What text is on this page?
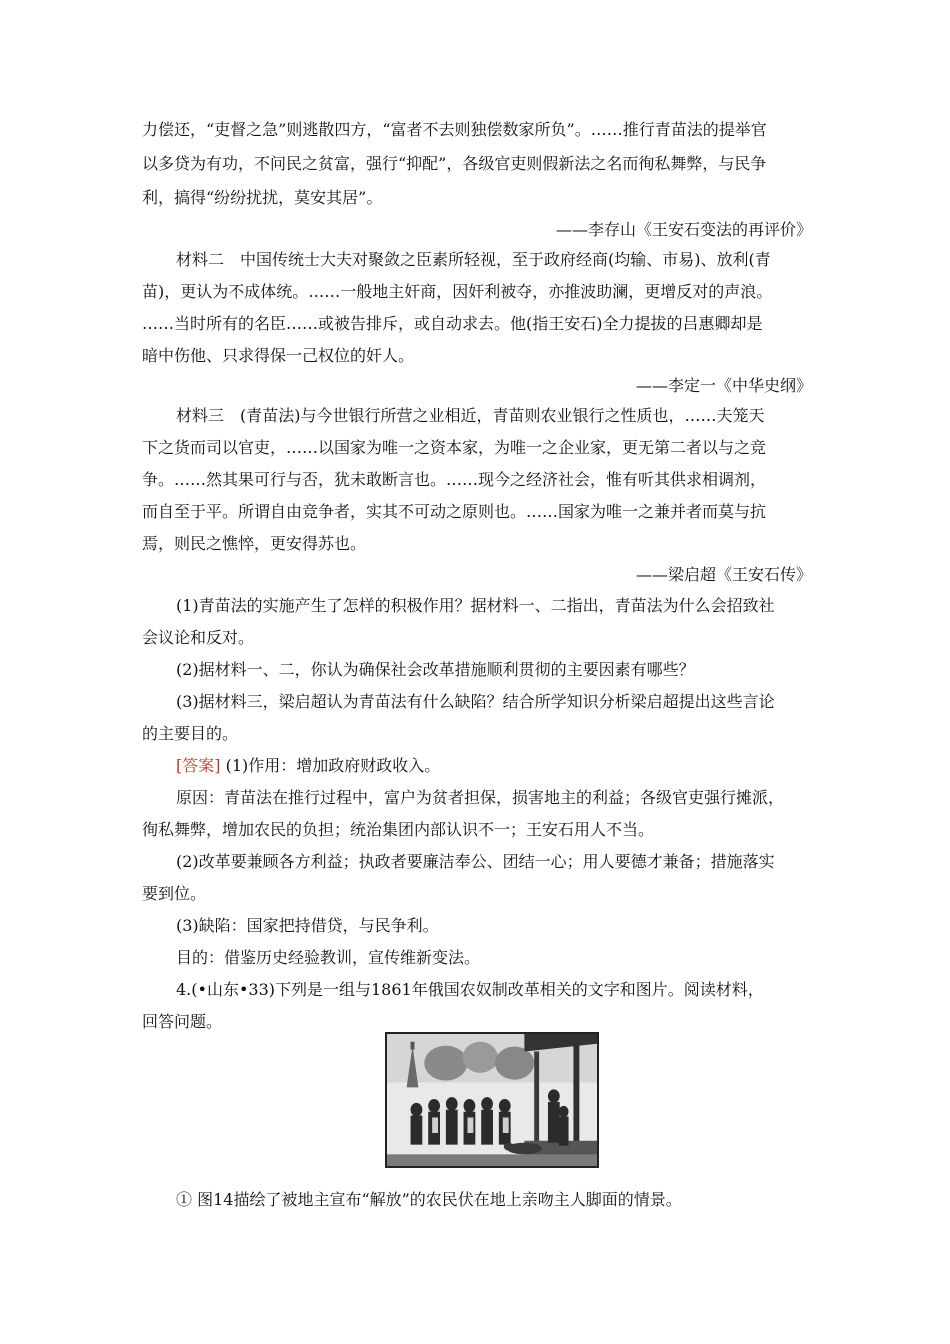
力偿还，“吏督之急”则逃散四方，“富者不去则独偿数家所负”。……推行青苗法的提举官
以多贷为有功，不问民之贫富，强行“抑配”，各级官吏则假新法之名而徇私舞弊，与民争
利，搞得“纷纷扰扰，莫安其居”。
——李存山《王安石变法的再评价》
材料二　中国传统士大夫对聚敛之臣素所轻视，至于政府经商(均输、市易)、放利(青
苗)，更认为不成体统。……一般地主奸商，因奸利被夺，亦推波助澜，更增反对的声浪。
……当时所有的名臣……或被告排斥，或自动求去。他(指王安石)全力提拔的吕惠卿却是
暗中伤他、只求得保一己权位的奸人。
——李定一《中华史纲》
材料三　(青苗法)与今世银行所营之业相近，青苗则农业银行之性质也，……夫笼天
下之货而司以官吏，……以国家为唯一之资本家，为唯一之企业家，更无第二者以与之竞
争。……然其果可行与否，犹未敢断言也。……现今之经济社会，惟有听其供求相调剂，
而自至于平。所谓自由竞争者，实其不可动之原则也。……国家为唯一之兼并者而莫与抗
焉，则民之憔悴，更安得苏也。
——梁启超《王安石传》
(1)青苗法的实施产生了怎样的积极作用？据材料一、二指出，青苗法为什么会招致社
会议论和反对。
(2)据材料一、二，你认为确保社会改革措施顺利贯彻的主要因素有哪些？
(3)据材料三，梁启超认为青苗法有什么缺陷？结合所学知识分析梁启超提出这些言论
的主要目的。
[答案] (1)作用：增加政府财政收入。
原因：青苗法在推行过程中，富户为贫者担保，损害地主的利益；各级官吏强行摊派，
徇私舞弊，增加农民的负担；统治集团内部认识不一；王安石用人不当。
(2)改革要兼顾各方利益；执政者要廉洁奉公、团结一心；用人要德才兼备；措施落实
要到位。
(3)缺陷：国家把持借贷，与民争利。
目的：借鉴历史经验教训，宣传维新变法。
4.(•山东•33)下列是一组与1861年俄国农奴制改革相关的文字和图片。阅读材料，
回答问题。
① 图14描绘了被地主宣布“解放”的农民伏在地上亲吻主人脚面的情景。
